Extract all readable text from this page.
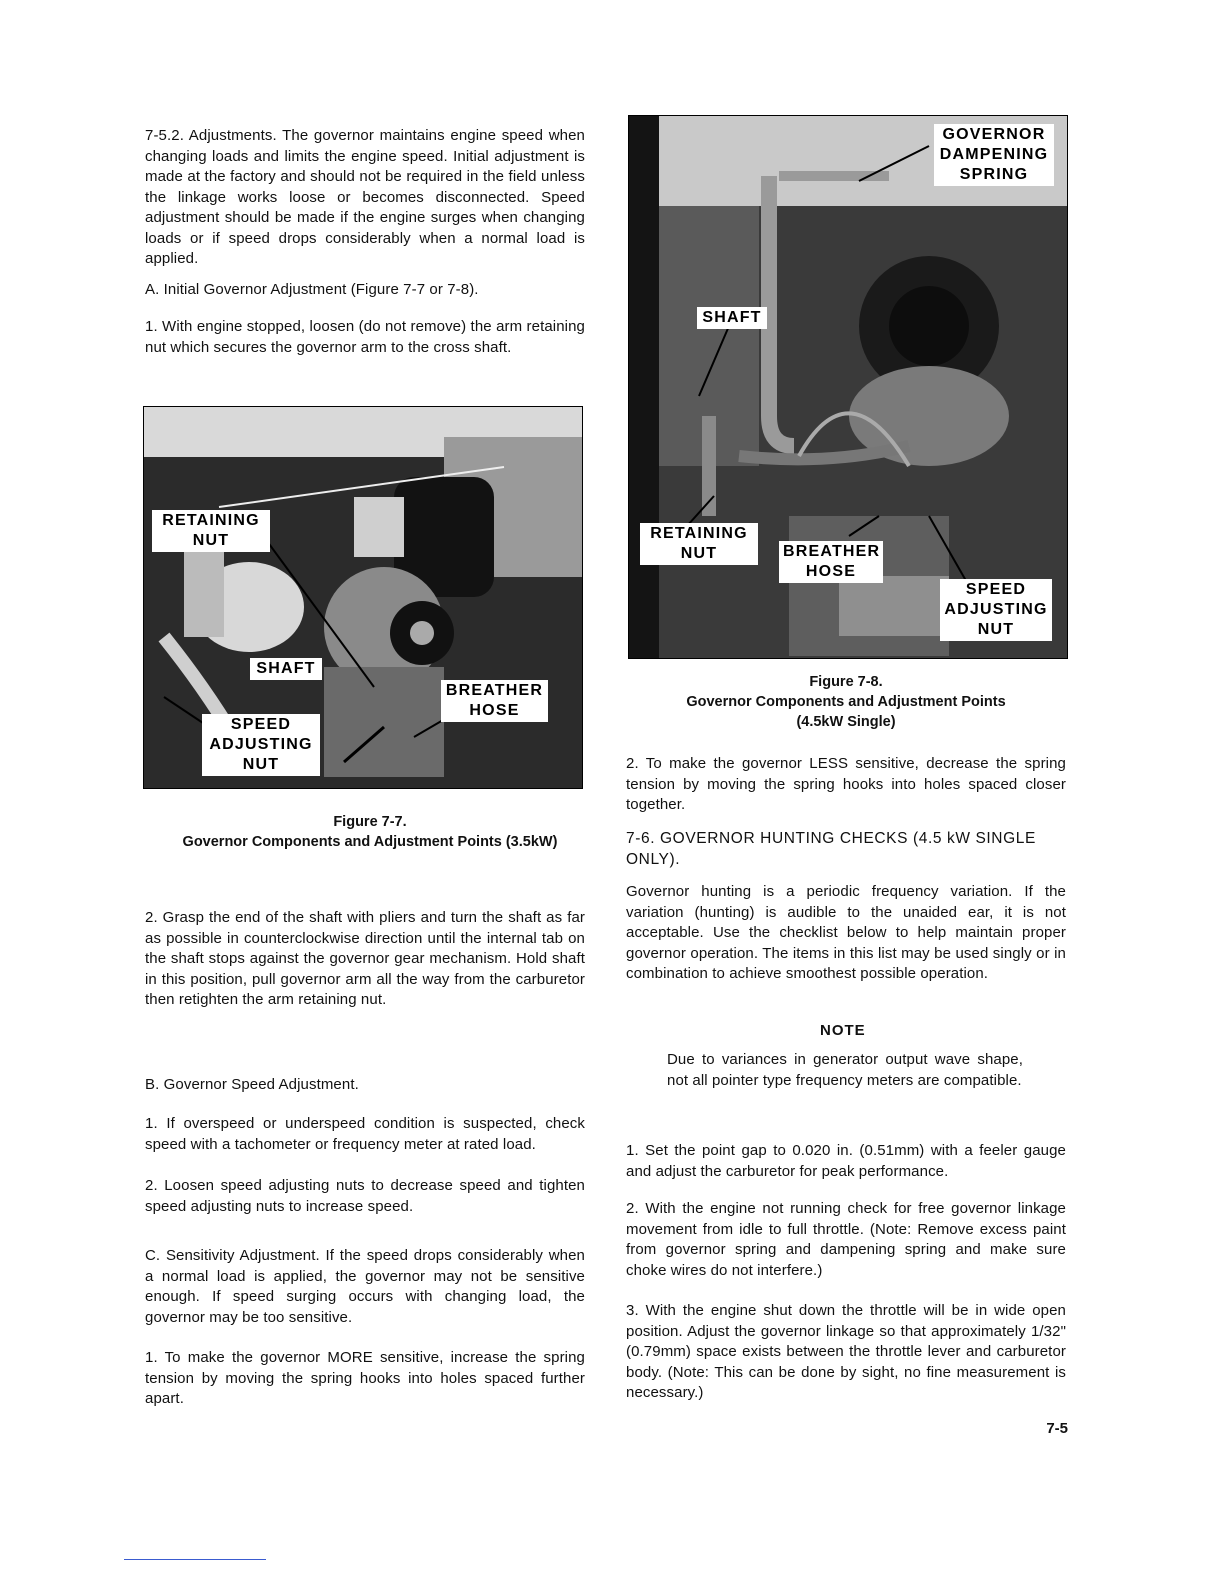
7-5.2. Adjustments. The governor maintains engine speed when changing loads and limits the engine speed. Initial adjustment is made at the factory and should not be required in the field unless the linkage works loose or becomes disconnected. Speed adjustment should be made if the engine surges when changing loads or if speed drops considerably when a normal load is applied.
A. Initial Governor Adjustment (Figure 7-7 or 7-8).
1. With engine stopped, loosen (do not remove) the arm retaining nut which secures the governor arm to the cross shaft.
RETAINING
NUT
SHAFT
BREATHER
HOSE
SPEED
ADJUSTING
NUT
Figure 7-7.
Governor Components and Adjustment Points (3.5kW)
2. Grasp the end of the shaft with pliers and turn the shaft as far as possible in counterclockwise direction until the internal tab on the shaft stops against the governor gear mechanism. Hold shaft in this position, pull governor arm all the way from the carburetor then retighten the arm retaining nut.
B. Governor Speed Adjustment.
1. If overspeed or underspeed condition is suspected, check speed with a tachometer or frequency meter at rated load.
2. Loosen speed adjusting nuts to decrease speed and tighten speed adjusting nuts to increase speed.
C. Sensitivity Adjustment. If the speed drops considerably when a normal load is applied, the governor may not be sensitive enough. If speed surging occurs with changing load, the governor may be too sensitive.
1. To make the governor MORE sensitive, increase the spring tension by moving the spring hooks into holes spaced further apart.
GOVERNOR
DAMPENING
SPRING
SHAFT
RETAINING
NUT	BREATHER
HOSE
SPEED
ADJUSTING
NUT
Figure 7-8.
Governor Components and Adjustment Points
(4.5kW Single)
2. To make the governor LESS sensitive, decrease the spring tension by moving the spring hooks into holes spaced closer together.
7-6. GOVERNOR HUNTING CHECKS (4.5 kW SINGLE ONLY).
Governor hunting is a periodic frequency variation. If the variation (hunting) is audible to the unaided ear, it is not acceptable. Use the checklist below to help maintain proper governor operation. The items in this list may be used singly or in combination to achieve smoothest possible operation.
NOTE
Due to variances in generator output wave shape, not all pointer type frequency meters are compatible.
1. Set the point gap to 0.020 in. (0.51mm) with a feeler gauge and adjust the carburetor for peak performance.
2. With the engine not running check for free governor linkage movement from idle to full throttle. (Note: Remove excess paint from governor spring and dampening spring and make sure choke wires do not interfere.)
3. With the engine shut down the throttle will be in wide open position. Adjust the governor linkage so that approximately 1/32" (0.79mm) space exists between the throttle lever and carburetor body. (Note: This can be done by sight, no fine measurement is necessary.)
7-5
